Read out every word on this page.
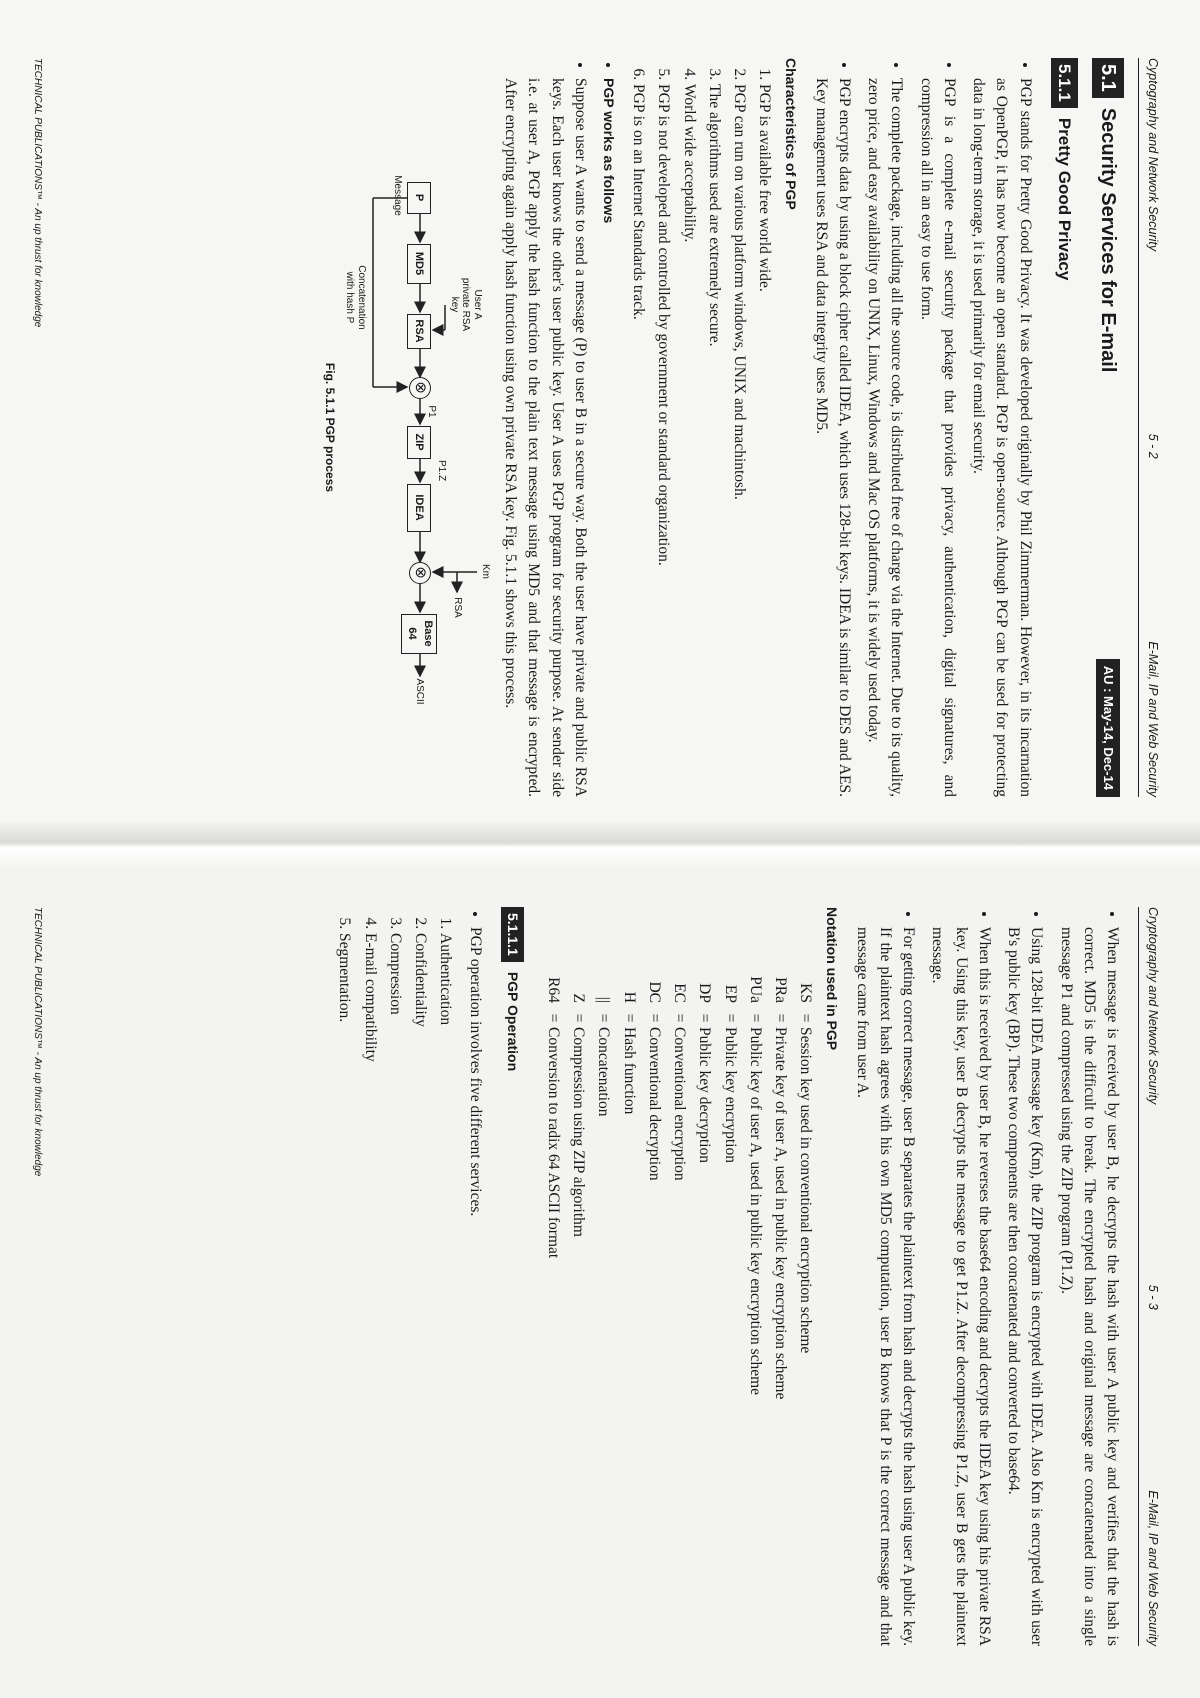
Cyptography and Network Security
5 - 2
E-Mail, IP and Web Security
5.1
Security Services for E-mail
AU : May-14, Dec-14
5.1.1
Pretty Good Privacy
• PGP stands for Pretty Good Privacy. It was developed originally by Phil Zimmerman. However, in its incarnation as OpenPGP, it has now become an open standard. PGP is open-source. Although PGP can be used for protecting data in long-term storage, it is used primarily for email security.
• PGP is a complete e-mail security package that provides privacy, authentication, digital signatures, and compression all in an easy to use form.
• The complete package, including all the source code, is distributed free of charge via the Internet. Due to its quality, zero price, and easy availability on UNIX, Linux, Windows and Mac OS platforms, it is widely used today.
• PGP encrypts data by using a block cipher called IDEA, which uses 128-bit keys. IDEA is similar to DES and AES. Key management uses RSA and data integrity uses MD5.
Characteristics of PGP
1. PGP is available free world wide.
2. PGP can run on various platform windows, UNIX and machintosh.
3. The algorithms used are extremely secure.
4. World wide acceptability.
5. PGP is not developed and controlled by government or standard organization.
6. PGP is on an Internet Standards track.
• PGP works as follows
• Suppose user A wants to send a message (P) to user B in a secure way. Both the user have private and public RSA keys. Each user knows the other's user public key. User A uses PGP program for security purpose. At sender side i.e. at user A, PGP apply the hash function to the plain text message using MD5 and that message is encrypted. After encrypting again apply hash function using own private RSA key. Fig. 5.1.1 shows this process.
User A
private RSA
key
P
MD5
RSA
⊗
ZIP
IDEA
⊗
Base
64
Message
P1
P1.Z
Km
RSA
ASCII
Concatenation
with hash P
Fig. 5.1.1 PGP process
TECHNICAL PUBLICATIONS™ - An up thrust for knowledge
Cryptography and Network Security
5 - 3
E-Mail, IP and Web Security
• When message is received by user B, he decrypts the hash with user A public key and verifies that the hash is correct. MD5 is the difficult to break. The encrypted hash and original message are concatenated into a single message P1 and compressed using the ZIP program (P1.Z).
• Using 128-bit IDEA message key (Km), the ZIP program is encrypted with IDEA. Also Km is encrypted with user B's public key (BP). These two components are then concatenated and converted to base64.
• When this is received by user B, he reverses the base64 encoding and decrypts the IDEA key using his private RSA key. Using this key, user B decrypts the message to get P1.Z. After decompressing P1.Z, user B gets the plaintext message.
• For getting correct message, user B separates the plaintext from hash and decrypts the hash using user A public key. If the plaintext hash agrees with his own MD5 computation, user B knows that P is the correct message and that message came from user A.
Notation used in PGP
KS
=
Session key used in conventional encryption scheme
PRa
=
Private key of user A, used in public key encryption scheme
PUa
=
Public key of user A, used in public key encryption scheme
EP
=
Public key encryption
DP
=
Public key decryption
EC
=
Conventional encryption
DC
=
Conventional decryption
H
=
Hash function
||
=
Concatenation
Z
=
Compression using ZIP algorithm
R64
=
Conversion to radix 64 ASCII format
5.1.1.1
PGP Operation
• PGP operation involves five different services.
1. Authentication
2. Confidentiality
3. Compression
4. E-mail compatibility
5. Segmentation.
TECHNICAL PUBLICATIONS™ - An up thrust for knowledge
